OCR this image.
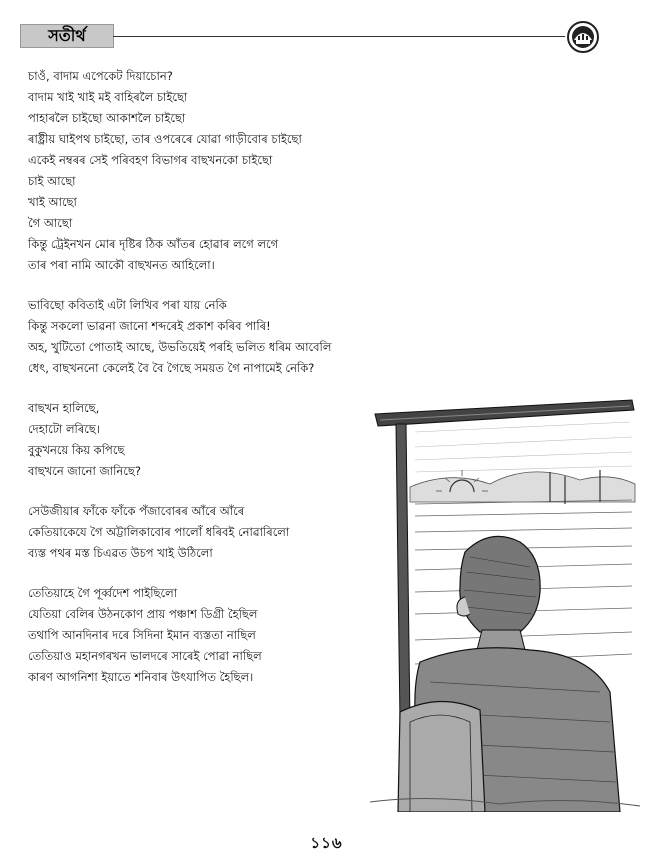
সতীৰ্থ
চাওঁ, বাদাম এপেকেট দিয়াচোন?
বাদাম খাই খাই মই বাহিৰলৈ চাইছো
পাহাৰলৈ চাইছো আকাশলৈ চাইছো
ৰাষ্ট্ৰীয় ঘাইপথ চাইছো, তাৰ ওপৰেৰে যোৱা গাড়ীবোৰ চাইছো
একেই নম্বৰৰ সেই পৰিবহণ বিভাগৰ বাছখনকো চাইছো
চাই আছো
খাই আছো
গৈ আছো
কিন্তু ট্ৰেইনখন মোৰ দৃষ্টিৰ ঠিক আঁতৰ হোৱাৰ লগে লগে
তাৰ পৰা নামি আকৌ বাছখনত আহিলো।
ভাবিছো কবিতাই এটা লিখিব পৰা যায় নেকি
কিন্তু সকলো ভাৱনা জানো শব্দৰেই প্ৰকাশ কৰিব পাৰি!
অহ, খুটিতো পোতাই আছে, উভতিয়েই পৰহি ভলিত ধৰিম আবেলি
ধেৎ, বাছখননো কেলেই বৈ বৈ গৈছে সময়ত গৈ নাপামেই নেকি?
বাছখন হালিছে,
দেহাটো লৰিছে।
বুকুখনয়ে কিয় কপিছে
বাছখনে জানো জানিছে?
সেউজীয়াৰ ফাঁকে ফাঁকে পঁজাবোৰৰ আঁৰে আঁৰে
কেতিয়াকেযে গৈ অট্টালিকাবোৰ পালোঁ ধৰিবই নোৱাৰিলো
ব্যস্ত পথৰ মস্ত চিএৱত উচপ খাই উঠিলো
তেতিয়াহে গৈ পূৰ্ব্বদেশ পাইছিলো
যেতিয়া বেলিৰ উঠনকোণ প্ৰায় পঞ্চাশ ডিগ্ৰী হৈছিল
তথাপি আনদিনাৰ দৰে সিদিনা ইমান ব্যস্ততা নাছিল
তেতিয়াও মহানগৰখন ভালদৰে সাৰেই পোৱা নাছিল
কাৰণ আগনিশা ইয়াতে শনিবাৰ উৎযাপিত হৈছিল।
১১৬
